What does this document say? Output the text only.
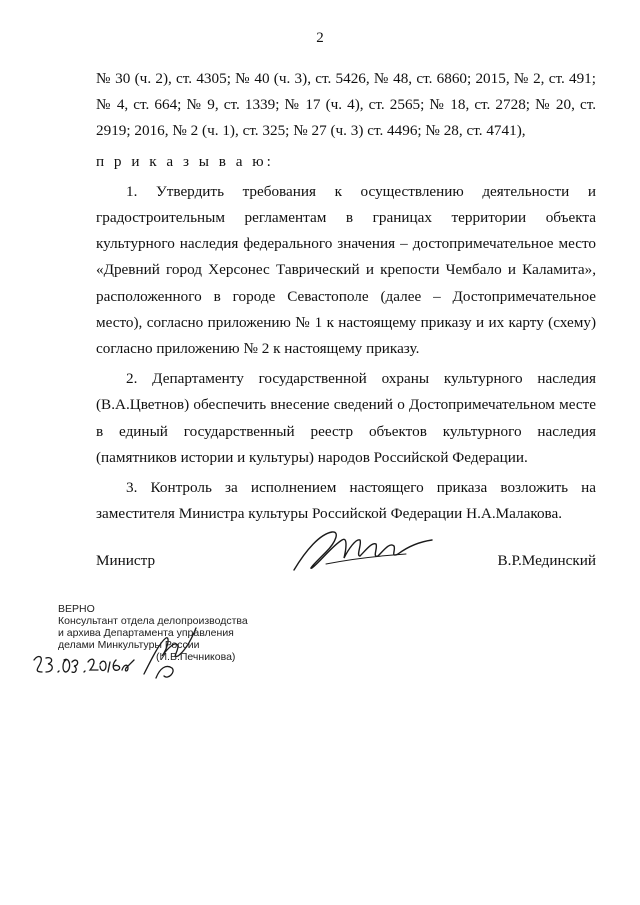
2

№ 30 (ч. 2), ст. 4305; № 40 (ч. 3), ст. 5426, № 48, ст. 6860; 2015, № 2, ст. 491; № 4, ст. 664; № 9, ст. 1339; № 17 (ч. 4), ст. 2565; № 18, ст. 2728; № 20, ст. 2919; 2016, № 2 (ч. 1), ст. 325; № 27 (ч. 3) ст. 4496; № 28, ст. 4741),

п р и к а з ы в а ю:

1. Утвердить требования к осуществлению деятельности и градостроительным регламентам в границах территории объекта культурного наследия федерального значения – достопримечательное место «Древний город Херсонес Таврический и крепости Чембало и Каламита», расположенного в городе Севастополе (далее – Достопримечательное место), согласно приложению № 1 к настоящему приказу и их карту (схему) согласно приложению № 2 к настоящему приказу.

2. Департаменту государственной охраны культурного наследия (В.А.Цветнов) обеспечить внесение сведений о Достопримечательном месте в единый государственный реестр объектов культурного наследия (памятников истории и культуры) народов Российской Федерации.

3. Контроль за исполнением настоящего приказа возложить на заместителя Министра культуры Российской Федерации Н.А.Малакова.

Министр	В.Р.Мединский
ВЕРНО
Консультант отдела делопроизводства
и архива Департамента управления
делами Минкультуры России
(И.В.Печникова)
